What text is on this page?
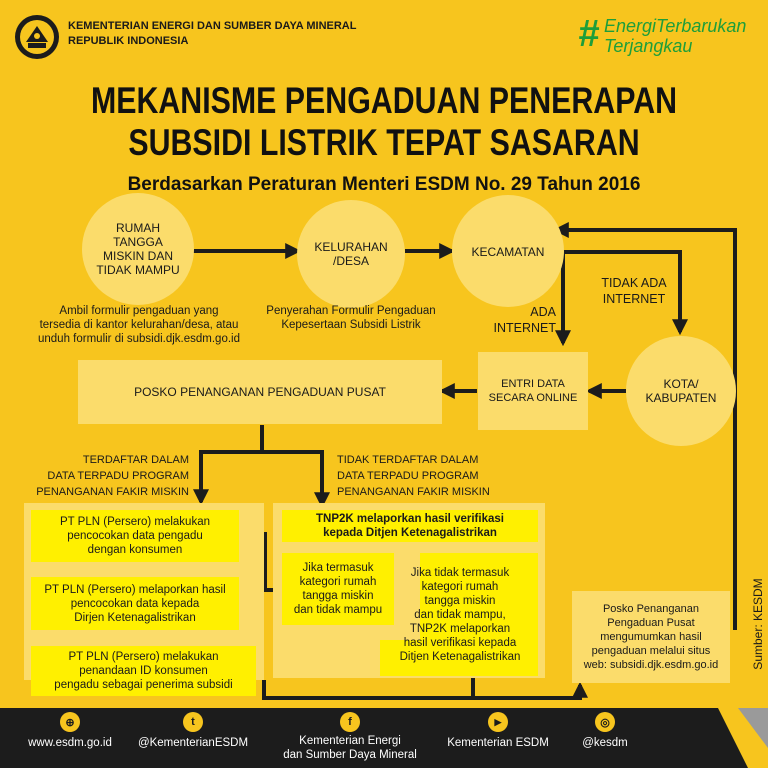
KEMENTERIAN ENERGI DAN SUMBER DAYA MINERAL
REPUBLIK INDONESIA	# EnergiTerbarukan
Terjangkau
MEKANISME PENGADUAN PENERAPAN
SUBSIDI LISTRIK TEPAT SASARAN
Berdasarkan Peraturan Menteri ESDM No. 29 Tahun 2016
RUMAH
TANGGA
MISKIN DAN
TIDAK MAMPU
KELURAHAN
/DESA
KECAMATAN
KOTA/
KABUPATEN
Ambil formulir pengaduan yang
tersedia di kantor kelurahan/desa, atau
unduh formulir di subsidi.djk.esdm.go.id
Penyerahan Formulir Pengaduan
Kepesertaan Subsidi Listrik
ADA
INTERNET
TIDAK ADA
INTERNET
ENTRI DATA
SECARA ONLINE
POSKO PENANGANAN PENGADUAN PUSAT
TERDAFTAR DALAM
DATA TERPADU PROGRAM
PENANGANAN FAKIR MISKIN
TIDAK TERDAFTAR DALAM
DATA TERPADU PROGRAM
PENANGANAN FAKIR MISKIN
PT PLN (Persero) melakukan
pencocokan data pengadu
dengan konsumen
PT PLN (Persero) melaporkan hasil
pencocokan data kepada
Dirjen Ketenagalistrikan
PT PLN (Persero) melakukan
penandaan ID konsumen
pengadu sebagai penerima subsidi
TNP2K melaporkan hasil verifikasi
kepada Ditjen Ketenagalistrikan
Jika termasuk
kategori rumah
tangga miskin
dan tidak mampu
Jika tidak termasuk
kategori rumah
tangga miskin
dan tidak mampu,
TNP2K melaporkan
hasil verifikasi kepada
Ditjen Ketenagalistrikan
Posko Penanganan
Pengaduan Pusat
mengumumkan hasil
pengaduan melalui situs
web: subsidi.djk.esdm.go.id	Sumber: KESDM
⊕
www.esdm.go.id
t
@KementerianESDM
f
Kementerian Energi
dan Sumber Daya Mineral
▶
Kementerian ESDM
◎
@kesdm
